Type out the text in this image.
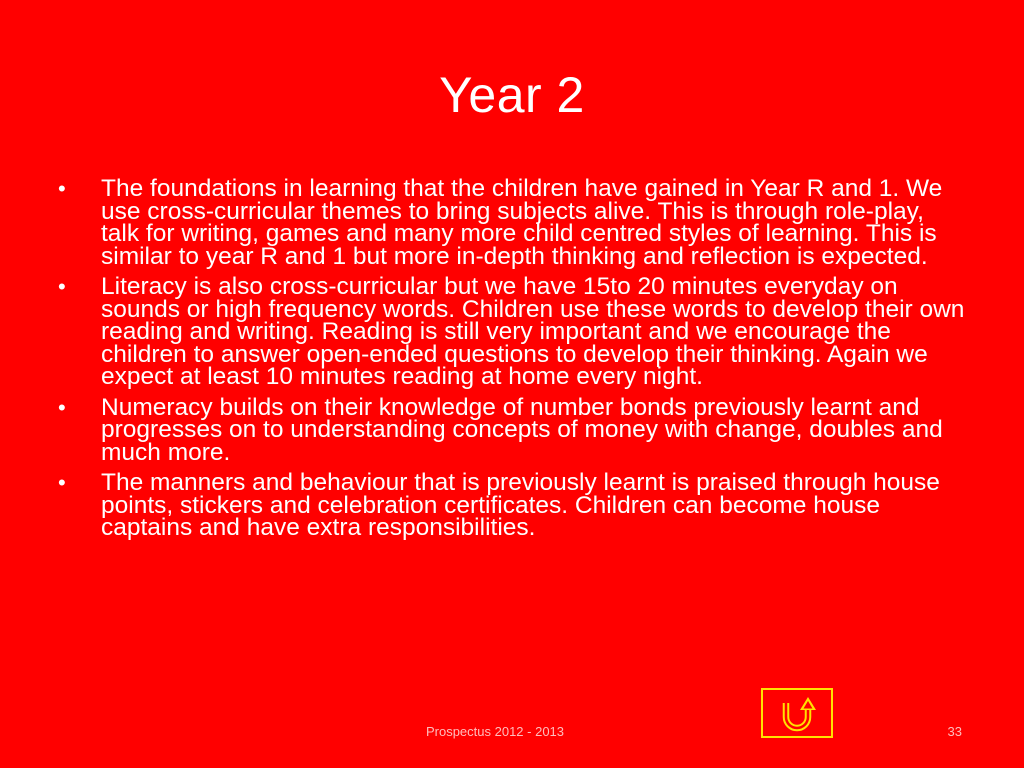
Year 2
• The foundations in learning that the children have gained in Year R and 1. We use cross-curricular themes to bring subjects alive. This is through role-play, talk for writing, games and many more child centred styles of learning. This is similar to year R and 1 but more in-depth thinking and reflection is expected.
• Literacy is also cross-curricular but we have 15to 20 minutes everyday on sounds or high frequency words. Children use these words to develop their own reading and writing. Reading is still very important and we encourage the children to answer open-ended questions to develop their thinking. Again we expect at least 10 minutes reading at home every night.
• Numeracy builds on their knowledge of number bonds previously learnt and progresses on to understanding concepts of money with change, doubles and much more.
• The manners and behaviour that is previously learnt is praised through house points, stickers and celebration certificates. Children can become house captains and have extra responsibilities.
Prospectus 2012 - 2013	33
